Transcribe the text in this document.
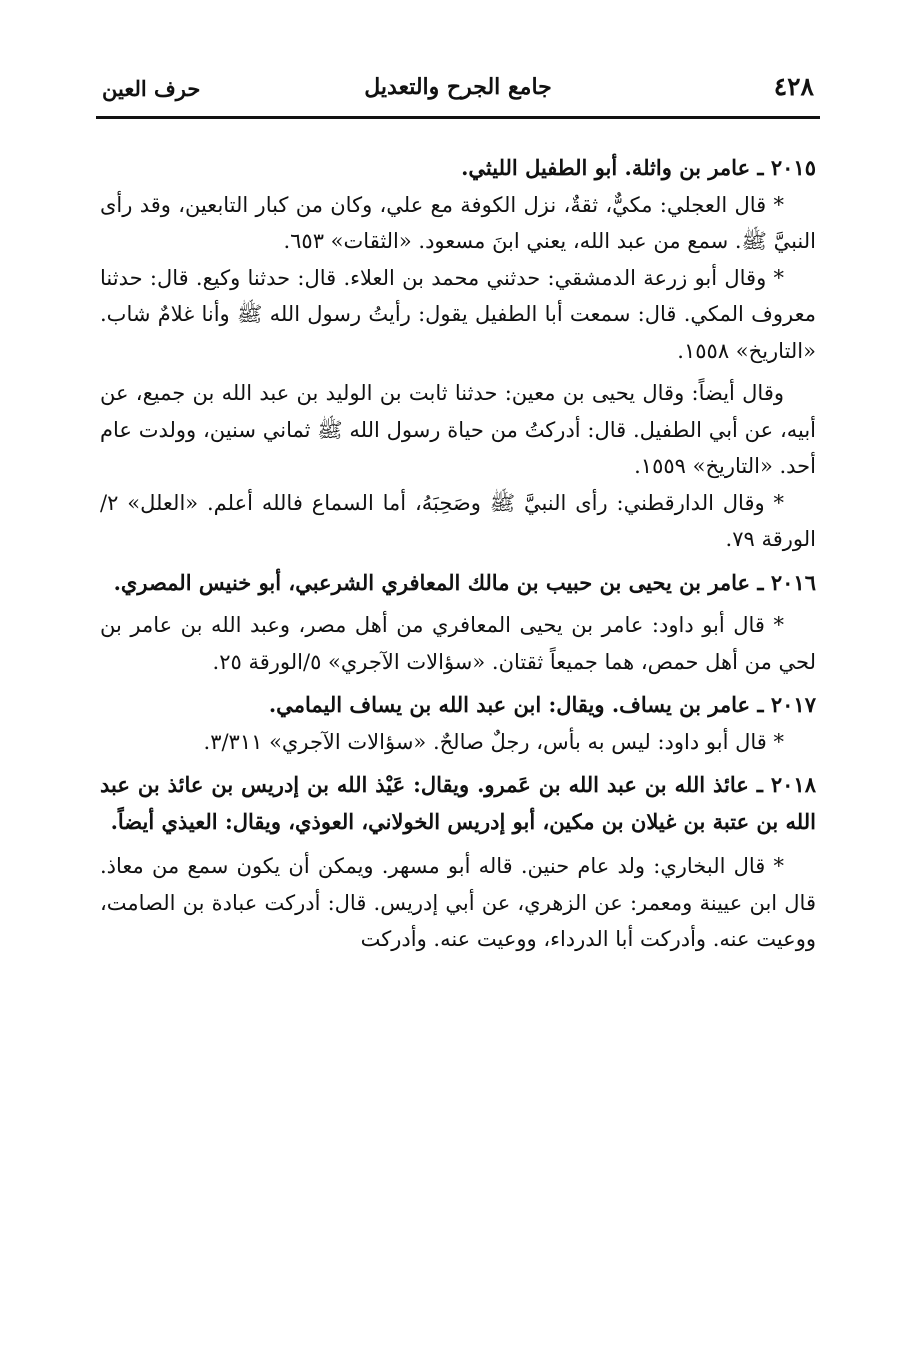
٤٢٨
جامع الجرح والتعديل
حرف العين

٢٠١٥ ـ عامر بن واثلة. أبو الطفيل الليثي.

* قال العجلي: مكيٌّ، ثقةٌ، نزل الكوفة مع علي، وكان من كبار التابعين، وقد رأى النبيَّ ﷺ. سمع من عبد الله، يعني ابنَ مسعود. «الثقات» ٦٥٣.

* وقال أبو زرعة الدمشقي: حدثني محمد بن العلاء. قال: حدثنا وكيع. قال: حدثنا معروف المكي. قال: سمعت أبا الطفيل يقول: رأيتُ رسول الله ﷺ وأنا غلامٌ شاب. «التاريخ» ١٥٥٨.

وقال أيضاً: وقال يحيى بن معين: حدثنا ثابت بن الوليد بن عبد الله بن جميع، عن أبيه، عن أبي الطفيل. قال: أدركتُ من حياة رسول الله ﷺ ثماني سنين، وولدت عام أحد. «التاريخ» ١٥٥٩.

* وقال الدارقطني: رأى النبيَّ ﷺ وصَحِبَهُ، أما السماع فالله أعلم. «العلل» ٢/الورقة ٧٩.

٢٠١٦ ـ عامر بن يحيى بن حبيب بن مالك المعافري الشرعبي، أبو خنيس المصري.

* قال أبو داود: عامر بن يحيى المعافري من أهل مصر، وعبد الله بن عامر بن لحي من أهل حمص، هما جميعاً ثقتان. «سؤالات الآجري» ٥/الورقة ٢٥.

٢٠١٧ ـ عامر بن يساف. ويقال: ابن عبد الله بن يساف اليمامي.

* قال أبو داود: ليس به بأس، رجلٌ صالحٌ. «سؤالات الآجري» ٣/٣١١.

٢٠١٨ ـ عائذ الله بن عبد الله بن عَمرو. ويقال: عَيْذ الله بن إدريس بن عائذ بن عبد الله بن عتبة بن غيلان بن مكين، أبو إدريس الخولاني، العوذي، ويقال: العيذي أيضاً.

* قال البخاري: ولد عام حنين. قاله أبو مسهر. ويمكن أن يكون سمع من معاذ. قال ابن عيينة ومعمر: عن الزهري، عن أبي إدريس. قال: أدركت عبادة بن الصامت، ووعيت عنه. وأدركت أبا الدرداء، ووعيت عنه. وأدركت
